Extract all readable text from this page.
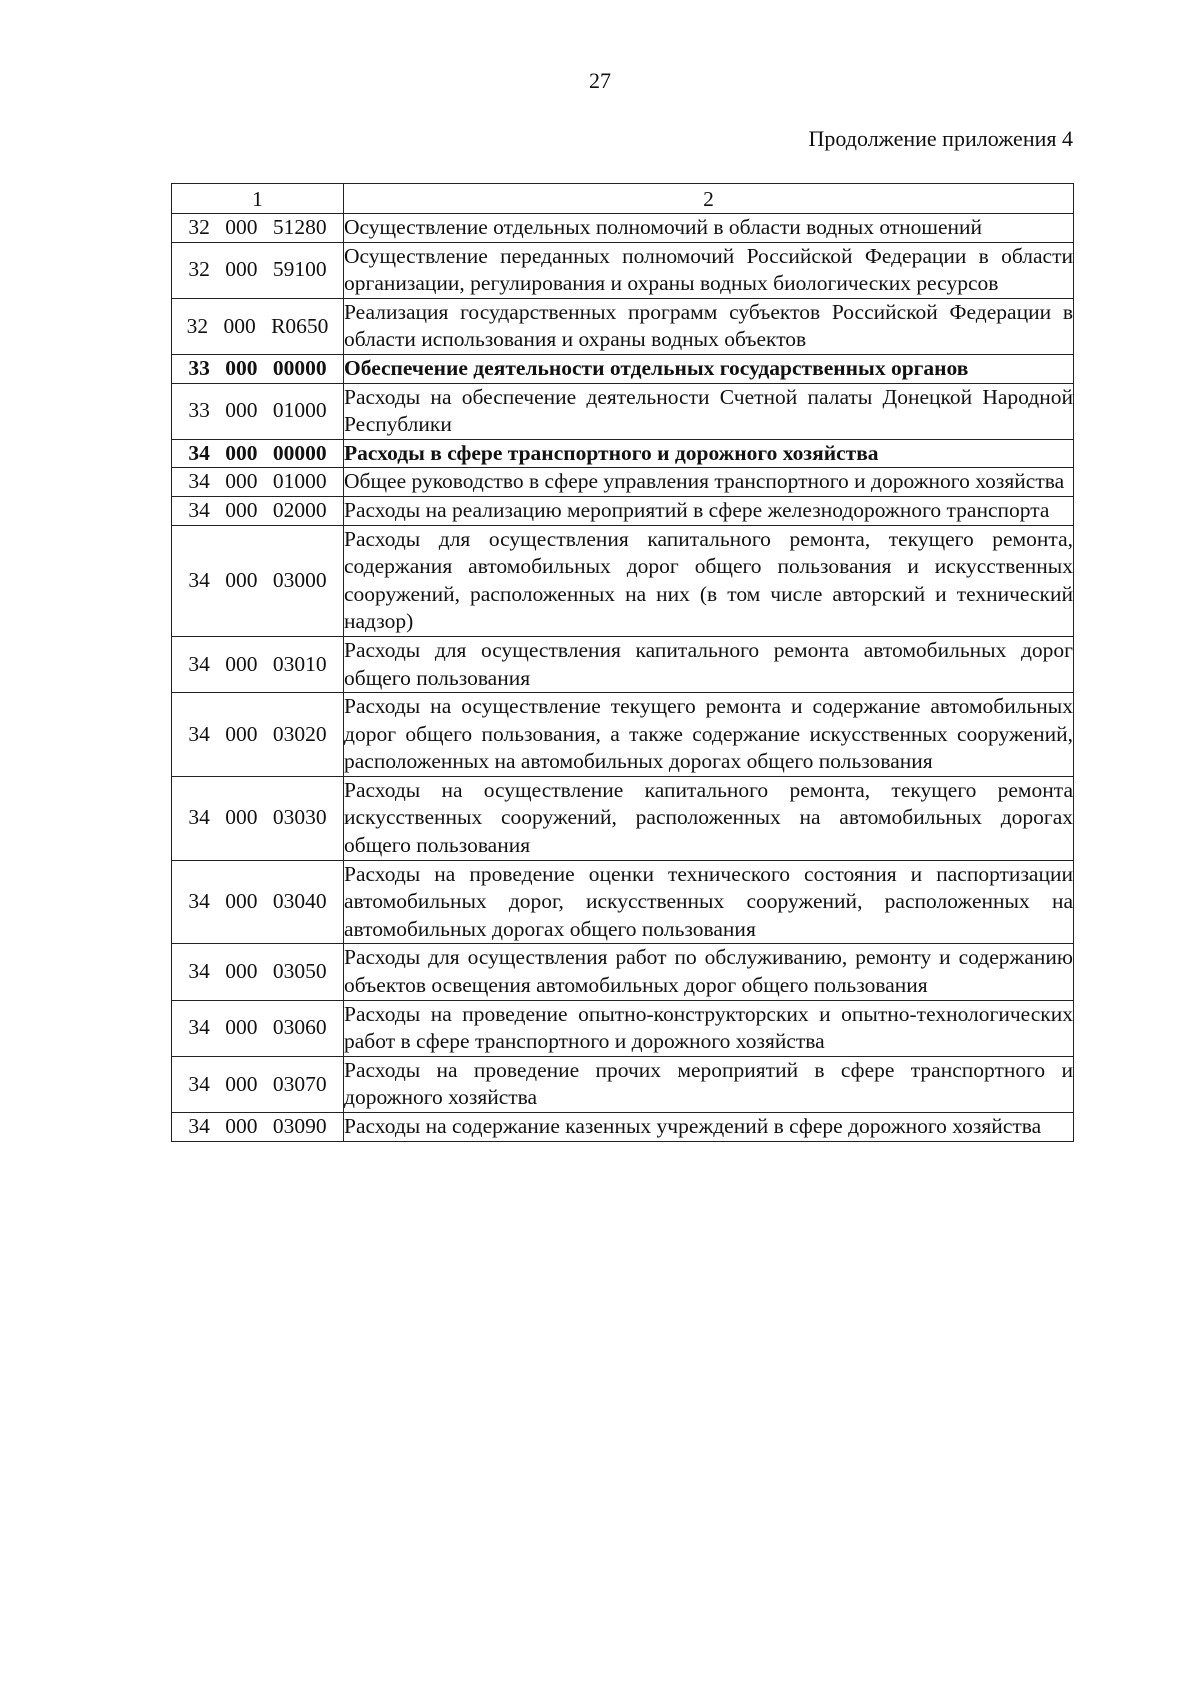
27
Продолжение приложения 4
1	2
32 000 51280	Осуществление отдельных полномочий в области водных отношений
32 000 59100	Осуществление переданных полномочий Российской Федерации в области организации, регулирования и охраны водных биологических ресурсов
32 000 R0650	Реализация государственных программ субъектов Российской Федерации в области использования и охраны водных объектов
33 000 00000	Обеспечение деятельности отдельных государственных органов
33 000 01000	Расходы на обеспечение деятельности Счетной палаты Донецкой Народной Республики
34 000 00000	Расходы в сфере транспортного и дорожного хозяйства
34 000 01000	Общее руководство в сфере управления транспортного и дорожного хозяйства
34 000 02000	Расходы на реализацию мероприятий в сфере железнодорожного транспорта
34 000 03000	Расходы для осуществления капитального ремонта, текущего ремонта, содержания автомобильных дорог общего пользования и искусственных сооружений, расположенных на них (в том числе авторский и технический надзор)
34 000 03010	Расходы для осуществления капитального ремонта автомобильных дорог общего пользования
34 000 03020	Расходы на осуществление текущего ремонта и содержание автомобильных дорог общего пользования, а также содержание искусственных сооружений, расположенных на автомобильных дорогах общего пользования
34 000 03030	Расходы на осуществление капитального ремонта, текущего ремонта искусственных сооружений, расположенных на автомобильных дорогах общего пользования
34 000 03040	Расходы на проведение оценки технического состояния и паспортизации автомобильных дорог, искусственных сооружений, расположенных на автомобильных дорогах общего пользования
34 000 03050	Расходы для осуществления работ по обслуживанию, ремонту и содержанию объектов освещения автомобильных дорог общего пользования
34 000 03060	Расходы на проведение опытно-конструкторских и опытно-технологических работ в сфере транспортного и дорожного хозяйства
34 000 03070	Расходы на проведение прочих мероприятий в сфере транспортного и дорожного хозяйства
34 000 03090	Расходы на содержание казенных учреждений в сфере дорожного хозяйства
